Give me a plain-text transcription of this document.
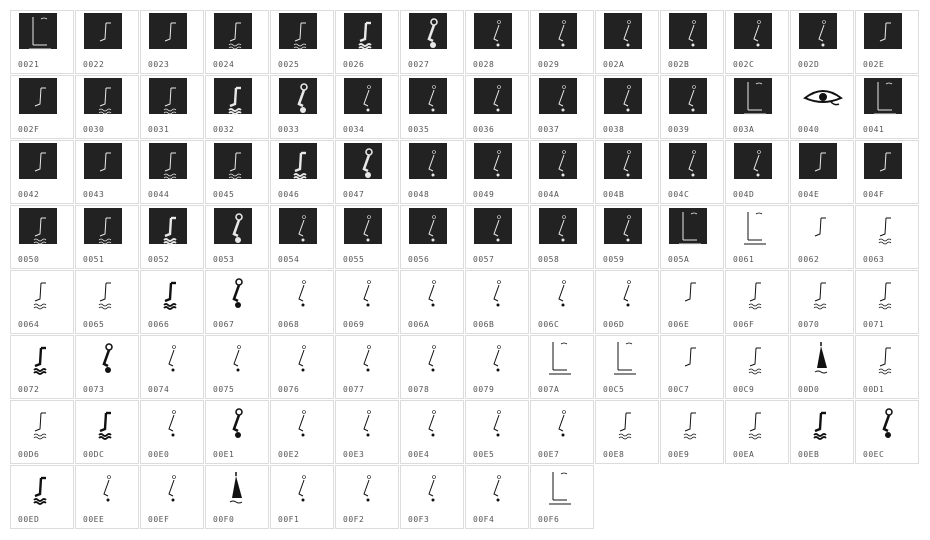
0021	0022	0023	0024	0025	0026	0027	0028	0029	002A	002B	002C	002D	002E
002F	0030	0031	0032	0033	0034	0035	0036	0037	0038	0039	003A	0040	0041
0042	0043	0044	0045	0046	0047	0048	0049	004A	004B	004C	004D	004E	004F
0050	0051	0052	0053	0054	0055	0056	0057	0058	0059	005A	0061	0062	0063
0064	0065	0066	0067	0068	0069	006A	006B	006C	006D	006E	006F	0070	0071
0072	0073	0074	0075	0076	0077	0078	0079	007A	00C5	00C7	00C9	00D0	00D1
00D6	00DC	00E0	00E1	00E2	00E3	00E4	00E5	00E7	00E8	00E9	00EA	00EB	00EC
00ED	00EE	00EF	00F0	00F1	00F2	00F3	00F4	00F6
